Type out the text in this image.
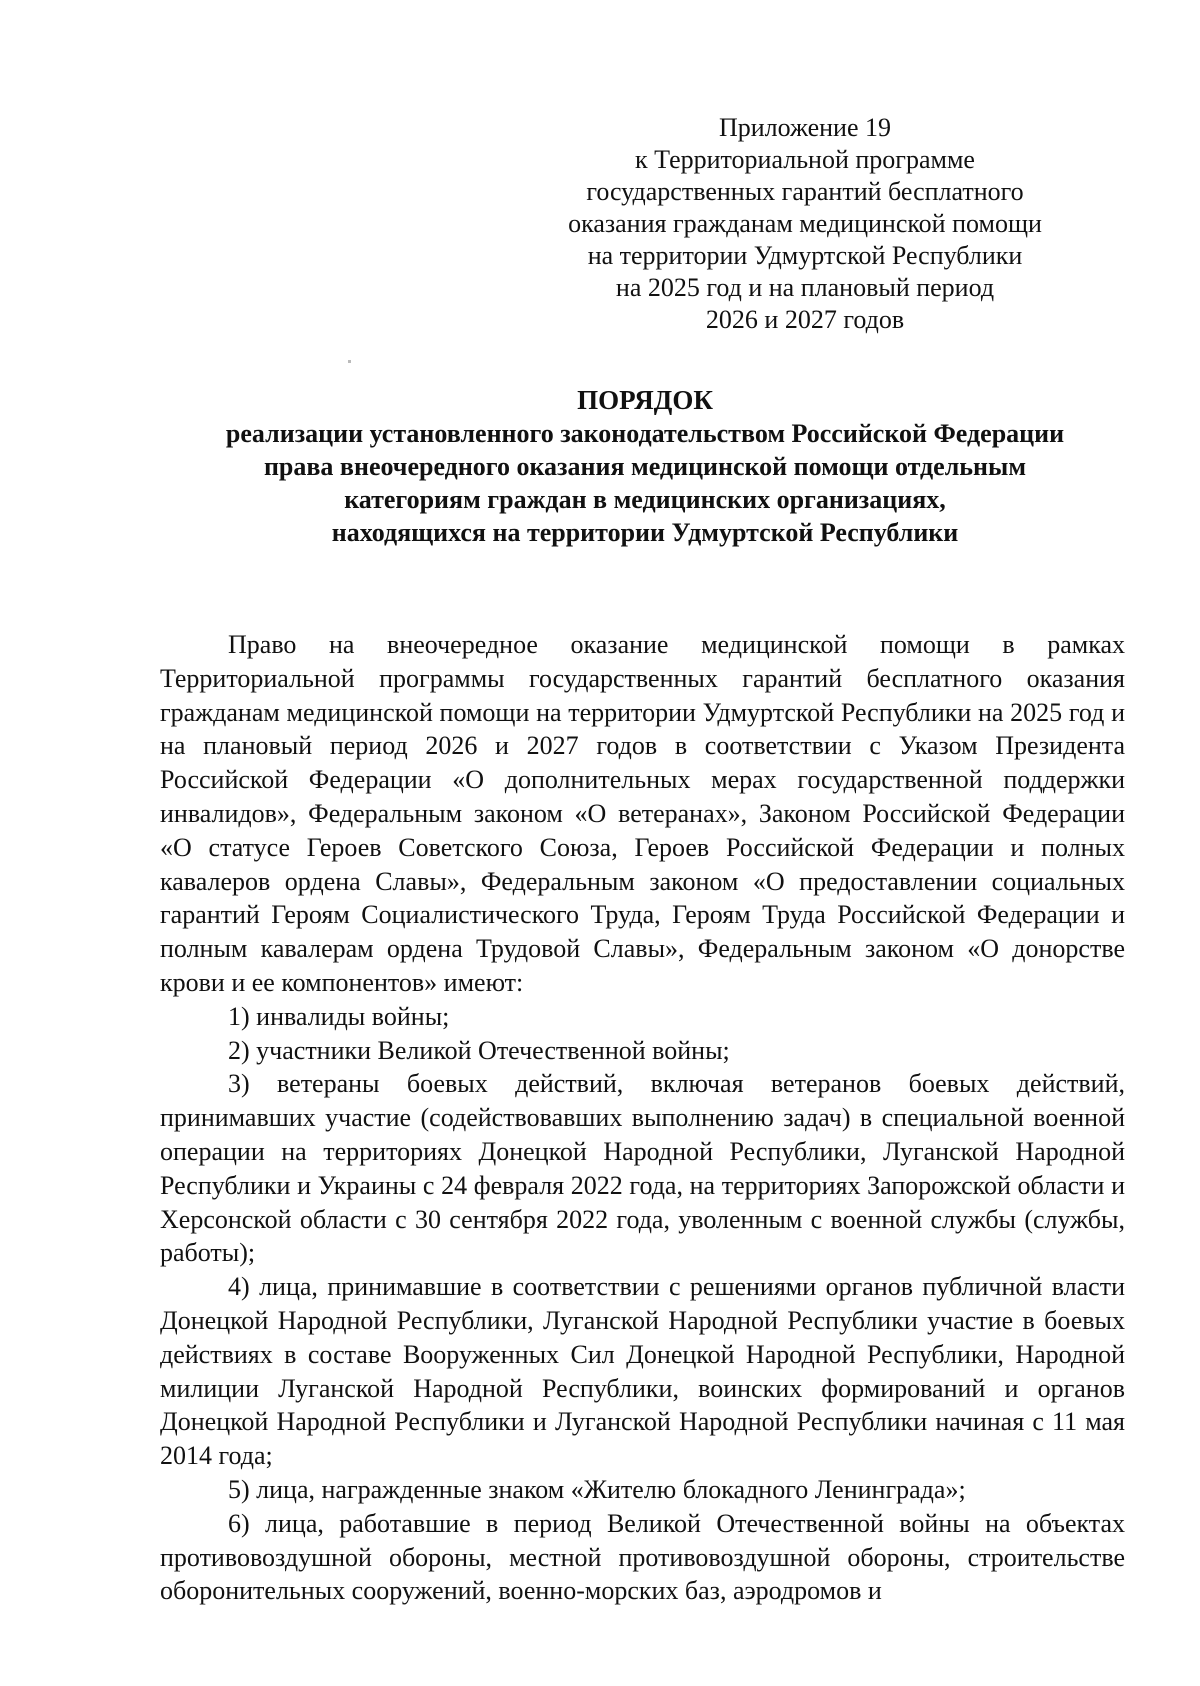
Приложение 19
к Территориальной программе
государственных гарантий бесплатного
оказания гражданам медицинской помощи
на территории Удмуртской Республики
на 2025 год и на плановый период
2026 и 2027 годов
ПОРЯДОК
реализации установленного законодательством Российской Федерации
права внеочередного оказания медицинской помощи отдельным
категориям граждан в медицинских организациях,
находящихся на территории Удмуртской Республики

Право на внеочередное оказание медицинской помощи в рамках Территориальной программы государственных гарантий бесплатного оказания гражданам медицинской помощи на территории Удмуртской Республики на 2025 год и на плановый период 2026 и 2027 годов в соответствии с Указом Президента Российской Федерации «О дополнительных мерах государственной поддержки инвалидов», Федеральным законом «О ветеранах», Законом Российской Федерации «О статусе Героев Советского Союза, Героев Российской Федерации и полных кавалеров ордена Славы», Федеральным законом «О предоставлении социальных гарантий Героям Социалистического Труда, Героям Труда Российской Федерации и полным кавалерам ордена Трудовой Славы», Федеральным законом «О донорстве крови и ее компонентов» имеют:

1) инвалиды войны;

2) участники Великой Отечественной войны;

3) ветераны боевых действий, включая ветеранов боевых действий, принимавших участие (содействовавших выполнению задач) в специальной военной операции на территориях Донецкой Народной Республики, Луганской Народной Республики и Украины с 24 февраля 2022 года, на территориях Запорожской области и Херсонской области с 30 сентября 2022 года, уволенным с военной службы (службы, работы);

4) лица, принимавшие в соответствии с решениями органов публичной власти Донецкой Народной Республики, Луганской Народной Республики участие в боевых действиях в составе Вооруженных Сил Донецкой Народной Республики, Народной милиции Луганской Народной Республики, воинских формирований и органов Донецкой Народной Республики и Луганской Народной Республики начиная с 11 мая 2014 года;

5) лица, награжденные знаком «Жителю блокадного Ленинграда»;

6) лица, работавшие в период Великой Отечественной войны на объектах противовоздушной обороны, местной противовоздушной обороны, строительстве оборонительных сооружений, военно-морских баз, аэродромов и
